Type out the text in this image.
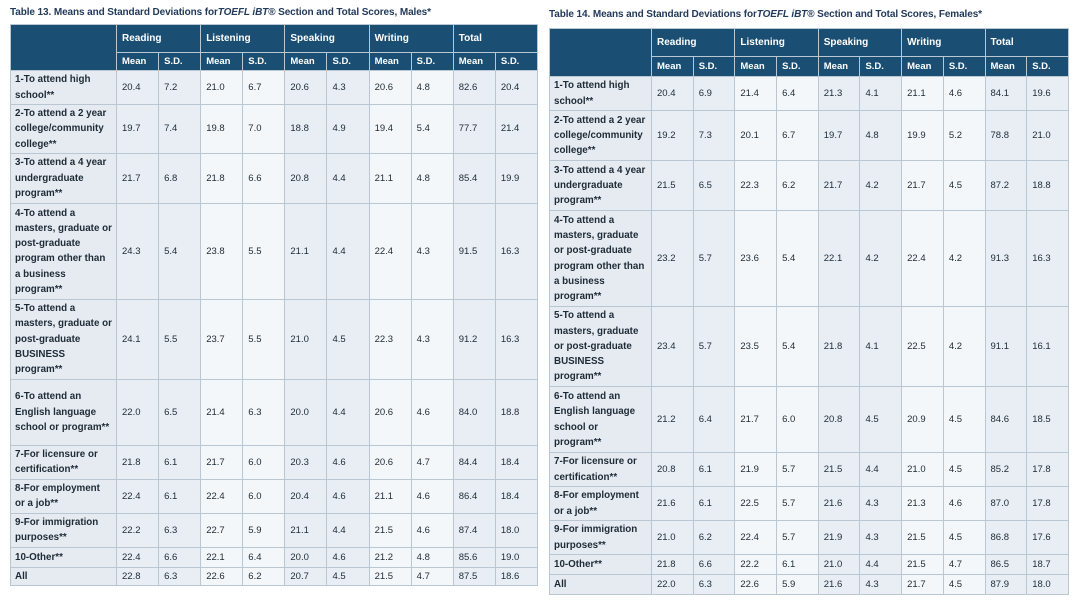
Table 13. Means and Standard Deviations for TOEFL iBT ® Section and Total Scores, Males*
	Reading		Listening		Speaking		Writing		Total	
	Mean	S.D.	Mean	S.D.	Mean	S.D.	Mean	S.D.	Mean	S.D.
1-To attend high school**	20.4	7.2	21.0	6.7	20.6	4.3	20.6	4.8	82.6	20.4
2-To attend a 2 year college/community college**	19.7	7.4	19.8	7.0	18.8	4.9	19.4	5.4	77.7	21.4
3-To attend a 4 year undergraduate program**	21.7	6.8	21.8	6.6	20.8	4.4	21.1	4.8	85.4	19.9
4-To attend a masters, graduate or post-graduate program other than a business program**	24.3	5.4	23.8	5.5	21.1	4.4	22.4	4.3	91.5	16.3
5-To attend a masters, graduate or post-graduate BUSINESS program**	24.1	5.5	23.7	5.5	21.0	4.5	22.3	4.3	91.2	16.3
6-To attend an English language school or program**	22.0	6.5	21.4	6.3	20.0	4.4	20.6	4.6	84.0	18.8
7-For licensure or certification**	21.8	6.1	21.7	6.0	20.3	4.6	20.6	4.7	84.4	18.4
8-For employment or a job**	22.4	6.1	22.4	6.0	20.4	4.6	21.1	4.6	86.4	18.4
9-For immigration purposes**	22.2	6.3	22.7	5.9	21.1	4.4	21.5	4.6	87.4	18.0
10-Other**	22.4	6.6	22.1	6.4	20.0	4.6	21.2	4.8	85.6	19.0
All	22.8	6.3	22.6	6.2	20.7	4.5	21.5	4.7	87.5	18.6
Table 14. Means and Standard Deviations for TOEFL iBT ® Section and Total Scores, Females*
	Reading		Listening		Speaking		Writing		Total	
	Mean	S.D.	Mean	S.D.	Mean	S.D.	Mean	S.D.	Mean	S.D.
1-To attend high school**	20.4	6.9	21.4	6.4	21.3	4.1	21.1	4.6	84.1	19.6
2-To attend a 2 year college/community college**	19.2	7.3	20.1	6.7	19.7	4.8	19.9	5.2	78.8	21.0
3-To attend a 4 year undergraduate program**	21.5	6.5	22.3	6.2	21.7	4.2	21.7	4.5	87.2	18.8
4-To attend a masters, graduate or post-graduate program other than a business program**	23.2	5.7	23.6	5.4	22.1	4.2	22.4	4.2	91.3	16.3
5-To attend a masters, graduate or post-graduate BUSINESS program**	23.4	5.7	23.5	5.4	21.8	4.1	22.5	4.2	91.1	16.1
6-To attend an English language school or program**	21.2	6.4	21.7	6.0	20.8	4.5	20.9	4.5	84.6	18.5
7-For licensure or certification**	20.8	6.1	21.9	5.7	21.5	4.4	21.0	4.5	85.2	17.8
8-For employment or a job**	21.6	6.1	22.5	5.7	21.6	4.3	21.3	4.6	87.0	17.8
9-For immigration purposes**	21.0	6.2	22.4	5.7	21.9	4.3	21.5	4.5	86.8	17.6
10-Other**	21.8	6.6	22.2	6.1	21.0	4.4	21.5	4.7	86.5	18.7
All	22.0	6.3	22.6	5.9	21.6	4.3	21.7	4.5	87.9	18.0
